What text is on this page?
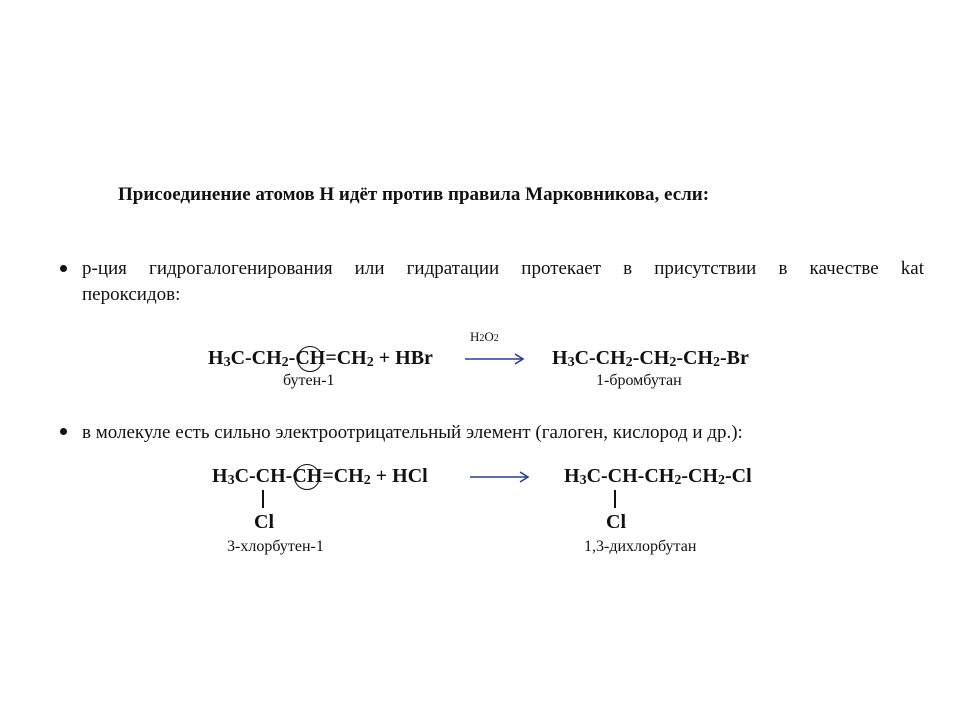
Присоединение атомов Н идёт против правила Марковникова, если:
р-ция гидрогалогенирования или гидратации протекает в присутствии в качестве kat
пероксидов:
Н3С-СН2-СН=СН2 + НBr
Н2О2
Н3С-СН2-СН2-СН2-Br
бутен-1	1-бромбутан
в молекуле есть сильно электроотрицательный элемент (галоген, кислород и др.):
Н3С-СН-СН=СН2 + НCl
Cl
Н3С-СН-СН2-СН2-Cl
Cl
3-хлорбутен-1	1,3-дихлорбутан
